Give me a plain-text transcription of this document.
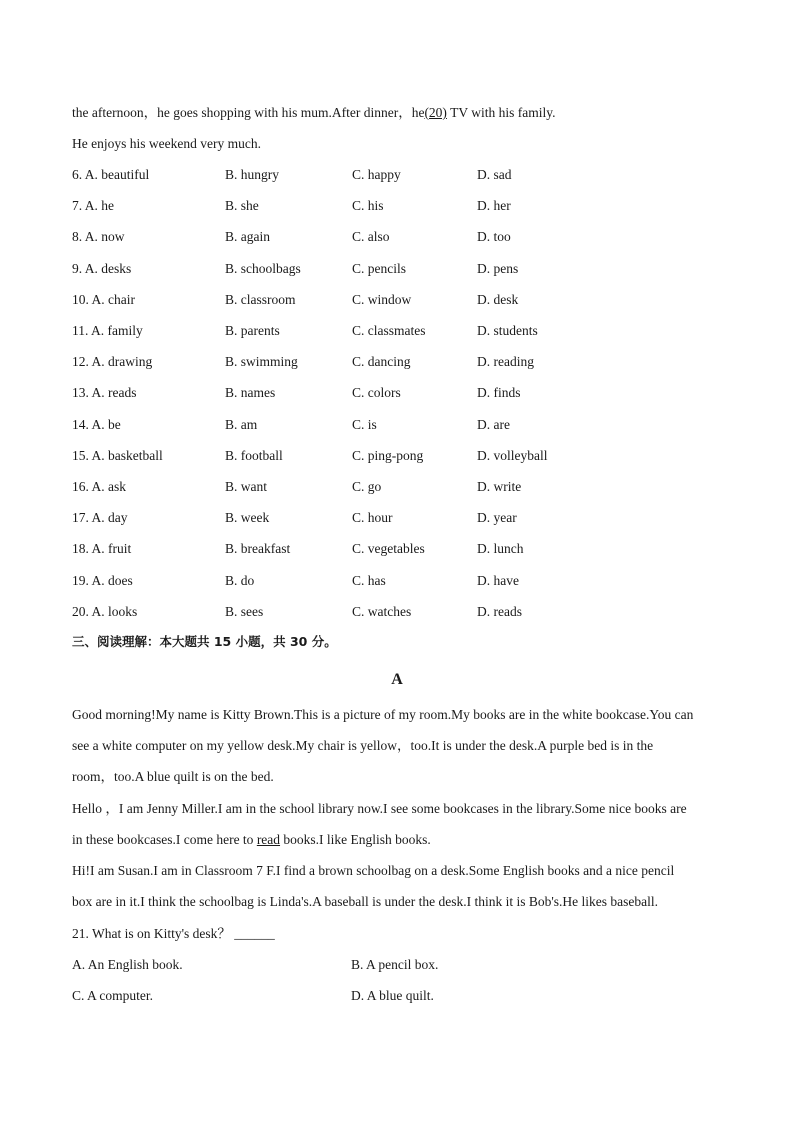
the afternoon，he goes shopping with his mum.After dinner，he(20) TV with his family.
He enjoys his weekend very much.
6. A. beautiful	B. hungry	C. happy	D. sad
7. A. he	B. she	C. his	D. her
8. A. now	B. again	C. also	D. too
9. A. desks	B. schoolbags	C. pencils	D. pens
10. A. chair	B. classroom	C. window	D. desk
11. A. family	B. parents	C. classmates	D. students
12. A. drawing	B. swimming	C. dancing	D. reading
13. A. reads	B. names	C. colors	D. finds
14. A. be	B. am	C. is	D. are
15. A. basketball	B. football	C. ping-pong	D. volleyball
16. A. ask	B. want	C. go	D. write
17. A. day	B. week	C. hour	D. year
18. A. fruit	B. breakfast	C. vegetables	D. lunch
19. A. does	B. do	C. has	D. have
20. A. looks	B. sees	C. watches	D. reads
三、阅读理解：本大题共 15 小题，共 30 分。
A
Good morning!My name is Kitty Brown.This is a picture of my room.My books are in the white bookcase.You can
see a white computer on my yellow desk.My chair is yellow，too.It is under the desk.A purple bed is in the
room，too.A blue quilt is on the bed.
Hello ，I am Jenny Miller.I am in the school library now.I see some bookcases in the library.Some nice books are
in these bookcases.I come here to read books.I like English books.
Hi!I am Susan.I am in Classroom 7 F.I find a brown schoolbag on a desk.Some English books and a nice pencil
box are in it.I think the schoolbag is Linda's.A baseball is under the desk.I think it is Bob's.He likes baseball.
21. What is on Kitty's desk？ ______
A. An English book.	B. A pencil box.
C. A computer.	D. A blue quilt.
